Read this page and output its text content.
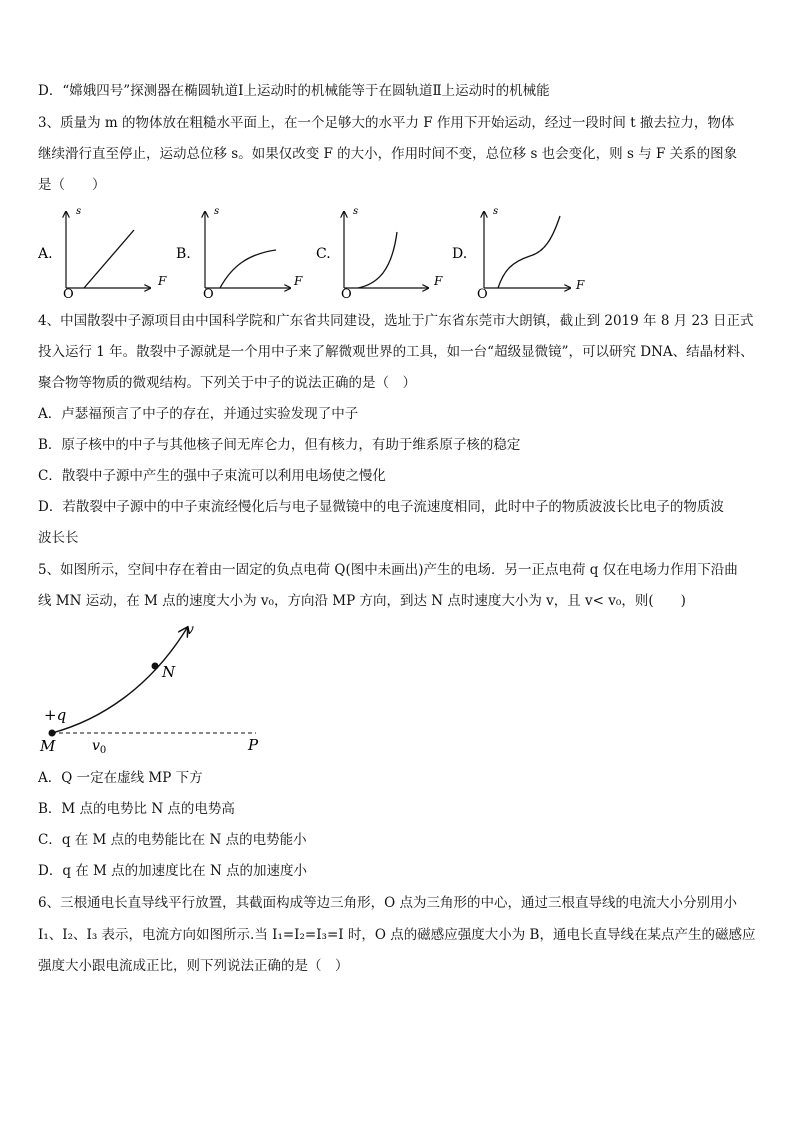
D．“嫦娥四号”探测器在椭圆轨道Ⅰ上运动时的机械能等于在圆轨道Ⅱ上运动时的机械能
3、质量为 m 的物体放在粗糙水平面上，在一个足够大的水平力 F 作用下开始运动，经过一段时间 t 撤去拉力，物体
继续滑行直至停止，运动总位移 s。如果仅改变 F 的大小，作用时间不变，总位移 s 也会变化，则 s 与 F 关系的图象
是（　　）
A.
s
F
O
B.
s
F
O
C.
s
F
O
D.
s
F
O
4、中国散裂中子源项目由中国科学院和广东省共同建设，选址于广东省东莞市大朗镇，截止到 2019 年 8 月 23 日正式
投入运行 1 年。散裂中子源就是一个用中子来了解微观世界的工具，如一台“超级显微镜”，可以研究 DNA、结晶材料、
聚合物等物质的微观结构。下列关于中子的说法正确的是（　）
A．卢瑟福预言了中子的存在，并通过实验发现了中子
B．原子核中的中子与其他核子间无库仑力，但有核力，有助于维系原子核的稳定
C．散裂中子源中产生的强中子束流可以利用电场使之慢化
D．若散裂中子源中的中子束流经慢化后与电子显微镜中的电子流速度相同，此时中子的物质波波长比电子的物质波
波长长
5、如图所示，空间中存在着由一固定的负点电荷 Q(图中未画出)产生的电场．另一正点电荷 q 仅在电场力作用下沿曲
线 MN 运动，在 M 点的速度大小为 v₀，方向沿 MP 方向，到达 N 点时速度大小为 v，且 v< v₀，则(　　)
+q
M
N
P
v
$v_0$
A．Q 一定在虚线 MP 下方
B．M 点的电势比 N 点的电势高
C．q 在 M 点的电势能比在 N 点的电势能小
D．q 在 M 点的加速度比在 N 点的加速度小
6、三根通电长直导线平行放置，其截面构成等边三角形，O 点为三角形的中心，通过三根直导线的电流大小分别用小
I₁、I₂、I₃ 表示，电流方向如图所示.当 I₁=I₂=I₃=I 时，O 点的磁感应强度大小为 B，通电长直导线在某点产生的磁感应
强度大小跟电流成正比，则下列说法正确的是（　）
